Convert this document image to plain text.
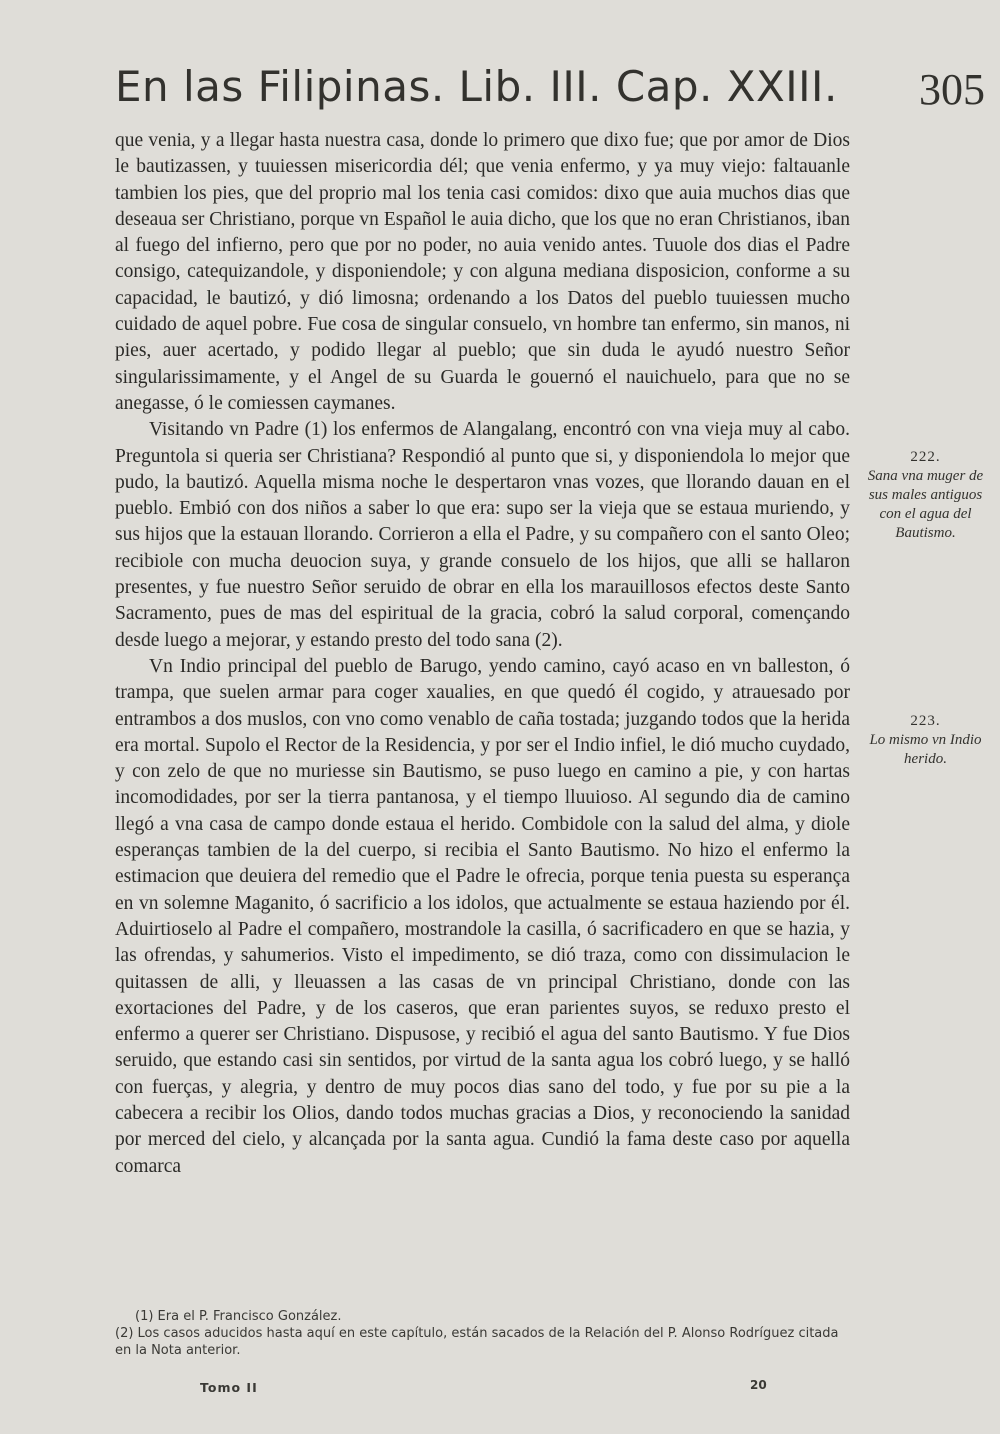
En las Filipinas. Lib. III. Cap. XXIII. 305

que venia, y a llegar hasta nuestra casa, donde lo primero que dixo fue; que por amor de Dios le bautizassen, y tuuiessen misericordia dél; que venia enfermo, y ya muy viejo: faltauanle tambien los pies, que del proprio mal los tenia casi comidos: dixo que auia muchos dias que deseaua ser Christiano, porque vn Español le auia dicho, que los que no eran Christianos, iban al fuego del infierno, pero que por no poder, no auia venido antes. Tuuole dos dias el Padre consigo, catequizandole, y disponiendole; y con alguna mediana disposicion, conforme a su capacidad, le bautizó, y dió limosna; ordenando a los Datos del pueblo tuuiessen mucho cuidado de aquel pobre. Fue cosa de singular consuelo, vn hombre tan enfermo, sin manos, ni pies, auer acertado, y podido llegar al pueblo; que sin duda le ayudó nuestro Señor singularissimamente, y el Angel de su Guarda le gouernó el nauichuelo, para que no se anegasse, ó le comiessen caymanes.

Visitando vn Padre (1) los enfermos de Alangalang, encontró con vna vieja muy al cabo. Preguntola si queria ser Christiana? Respondió al punto que si, y disponiendola lo mejor que pudo, la bautizó. Aquella misma noche le despertaron vnas vozes, que llorando dauan en el pueblo. Embió con dos niños a saber lo que era: supo ser la vieja que se estaua muriendo, y sus hijos que la estauan llorando. Corrieron a ella el Padre, y su compañero con el santo Oleo; recibiole con mucha deuocion suya, y grande consuelo de los hijos, que alli se hallaron presentes, y fue nuestro Señor seruido de obrar en ella los marauillosos efectos deste Santo Sacramento, pues de mas del espiritual de la gracia, cobró la salud corporal, començando desde luego a mejorar, y estando presto del todo sana (2).

Vn Indio principal del pueblo de Barugo, yendo camino, cayó acaso en vn balleston, ó trampa, que suelen armar para coger xaualies, en que quedó él cogido, y atrauesado por entrambos a dos muslos, con vno como venablo de caña tostada; juzgando todos que la herida era mortal. Supolo el Rector de la Residencia, y por ser el Indio infiel, le dió mucho cuydado, y con zelo de que no muriesse sin Bautismo, se puso luego en camino a pie, y con hartas incomodidades, por ser la tierra pantanosa, y el tiempo lluuioso. Al segundo dia de camino llegó a vna casa de campo donde estaua el herido. Combidole con la salud del alma, y diole esperanças tambien de la del cuerpo, si recibia el Santo Bautismo. No hizo el enfermo la estimacion que deuiera del remedio que el Padre le ofrecia, porque tenia puesta su esperança en vn solemne Maganito, ó sacrificio a los idolos, que actualmente se estaua haziendo por él. Aduirtioselo al Padre el compañero, mostrandole la casilla, ó sacrificadero en que se hazia, y las ofrendas, y sahumerios. Visto el impedimento, se dió traza, como con dissimulacion le quitassen de alli, y lleuassen a las casas de vn principal Christiano, donde con las exortaciones del Padre, y de los caseros, que eran parientes suyos, se reduxo presto el enfermo a querer ser Christiano. Dispusose, y recibió el agua del santo Bautismo. Y fue Dios seruido, que estando casi sin sentidos, por virtud de la santa agua los cobró luego, y se halló con fuerças, y alegria, y dentro de muy pocos dias sano del todo, y fue por su pie a la cabecera a recibir los Olios, dando todos muchas gracias a Dios, y reconociendo la sanidad por merced del cielo, y alcançada por la santa agua. Cundió la fama deste caso por aquella comarca

222.
Sana vna muger de sus males antiguos con el agua del Bautismo.
223.
Lo mismo vn Indio herido.

(1) Era el P. Francisco González.

(2) Los casos aducidos hasta aquí en este capítulo, están sacados de la Relación del P. Alonso Rodríguez citada en la Nota anterior.

Tomo II	20
